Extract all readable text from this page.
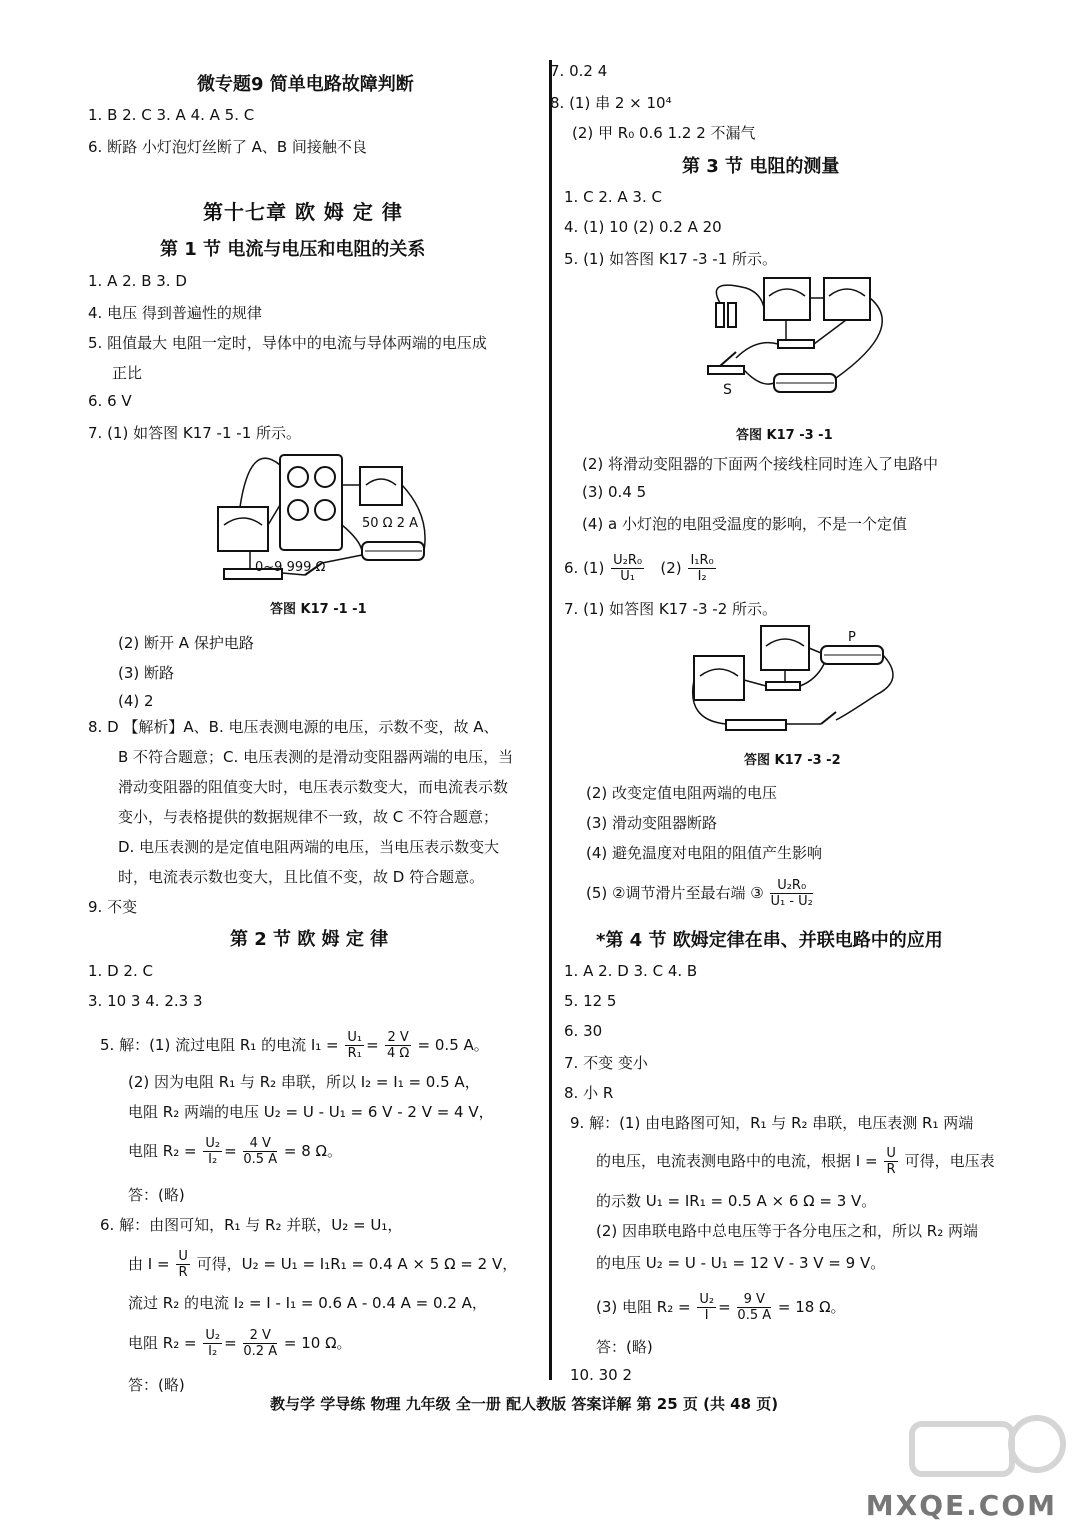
微专题9 简单电路故障判断
1. B 2. C 3. A 4. A 5. C
6. 断路 小灯泡灯丝断了 A、B 间接触不良
第十七章 欧 姆 定 律
第 1 节 电流与电压和电阻的关系
1. A 2. B 3. D
4. 电压 得到普遍性的规律
5. 阻值最大 电阻一定时，导体中的电流与导体两端的电压成
正比
6. 6 V
7. (1) 如答图 K17 -1 -1 所示。
0~9 999 Ω
50 Ω 2 A
答图 K17 -1 -1
(2) 断开 A 保护电路
(3) 断路
(4) 2
8. D 【解析】A、B. 电压表测电源的电压，示数不变，故 A、
B 不符合题意；C. 电压表测的是滑动变阻器两端的电压，当
滑动变阻器的阻值变大时，电压表示数变大，而电流表示数
变小，与表格提供的数据规律不一致，故 C 不符合题意；
D. 电压表测的是定值电阻两端的电压，当电压表示数变大
时，电流表示数也变大，且比值不变，故 D 符合题意。
9. 不变
第 2 节 欧 姆 定 律
1. D 2. C
3. 10 3 4. 2.3 3
5. 解：(1) 流过电阻 R₁ 的电流 $I_1 = \frac{\text{U₁}}{\text{R₁}} = \frac{2 V}{4 \Omega} = 0.5$ A。
(2) 因为电阻 R₁ 与 R₂ 串联，所以 I₂ = I₁ = 0.5 A，
电阻 R₂ 两端的电压 U₂ = U - U₁ = 6 V - 2 V = 4 V，
电阻 $R_2 = \frac{\text{U₂}}{\text{I₂}} = \frac{4 V}{0.5 A} = 8$ Ω。
答：(略)
6. 解：由图可知，R₁ 与 R₂ 并联，U₂ = U₁，
由 $I = \frac{U}{R}$ 可得，U₂ = U₁ = I₁R₁ = 0.4 A × 5 Ω = 2 V，
流过 R₂ 的电流 I₂ = I - I₁ = 0.6 A - 0.4 A = 0.2 A，
电阻 $R_2 = \frac{\text{U₂}}{\text{I₂}} = \frac{2 V}{0.2 A} = 10$ Ω。
答：(略)
7. 0.2 4
8. (1) 串 2 × 10⁴
(2) 甲 R₀ 0.6 1.2 2 不漏气
第 3 节 电阻的测量
1. C 2. A 3. C
4. (1) 10 (2) 0.2 A 20
5. (1) 如答图 K17 -3 -1 所示。
S
答图 K17 -3 -1
(2) 将滑动变阻器的下面两个接线柱同时连入了电路中
(3) 0.4 5
(4) a 小灯泡的电阻受温度的影响，不是一个定值
6. $(1) \frac{\text{U₂R₀}}{\text{U₁}} (2) \frac{\text{I₁R₀}}{\text{I₂}}$
7. (1) 如答图 K17 -3 -2 所示。
P
答图 K17 -3 -2
(2) 改变定值电阻两端的电压
(3) 滑动变阻器断路
(4) 避免温度对电阻的阻值产生影响
(5) ②调节滑片至最右端 ③ $\frac{\text{U₂R₀}}{\text{U₁ - U₂}}$
*第 4 节 欧姆定律在串、并联电路中的应用
1. A 2. D 3. C 4. B
5. 12 5
6. 30
7. 不变 变小
8. 小 R
9. 解：(1) 由电路图可知，R₁ 与 R₂ 串联，电压表测 R₁ 两端
的电压，电流表测电路中的电流，根据 $I = \frac{U}{R}$ 可得，电压表
的示数 U₁ = IR₁ = 0.5 A × 6 Ω = 3 V。
(2) 因串联电路中总电压等于各分电压之和，所以 R₂ 两端
的电压 U₂ = U - U₁ = 12 V - 3 V = 9 V。
(3) 电阻 $R_2 = \frac{\text{U₂}}{I} = \frac{9 V}{0.5 A} = 18$ Ω。
答：(略)
10. 30 2
教与学 学导练 物理 九年级 全一册 配人教版 答案详解 第 25 页 (共 48 页)
MXQE.COM
